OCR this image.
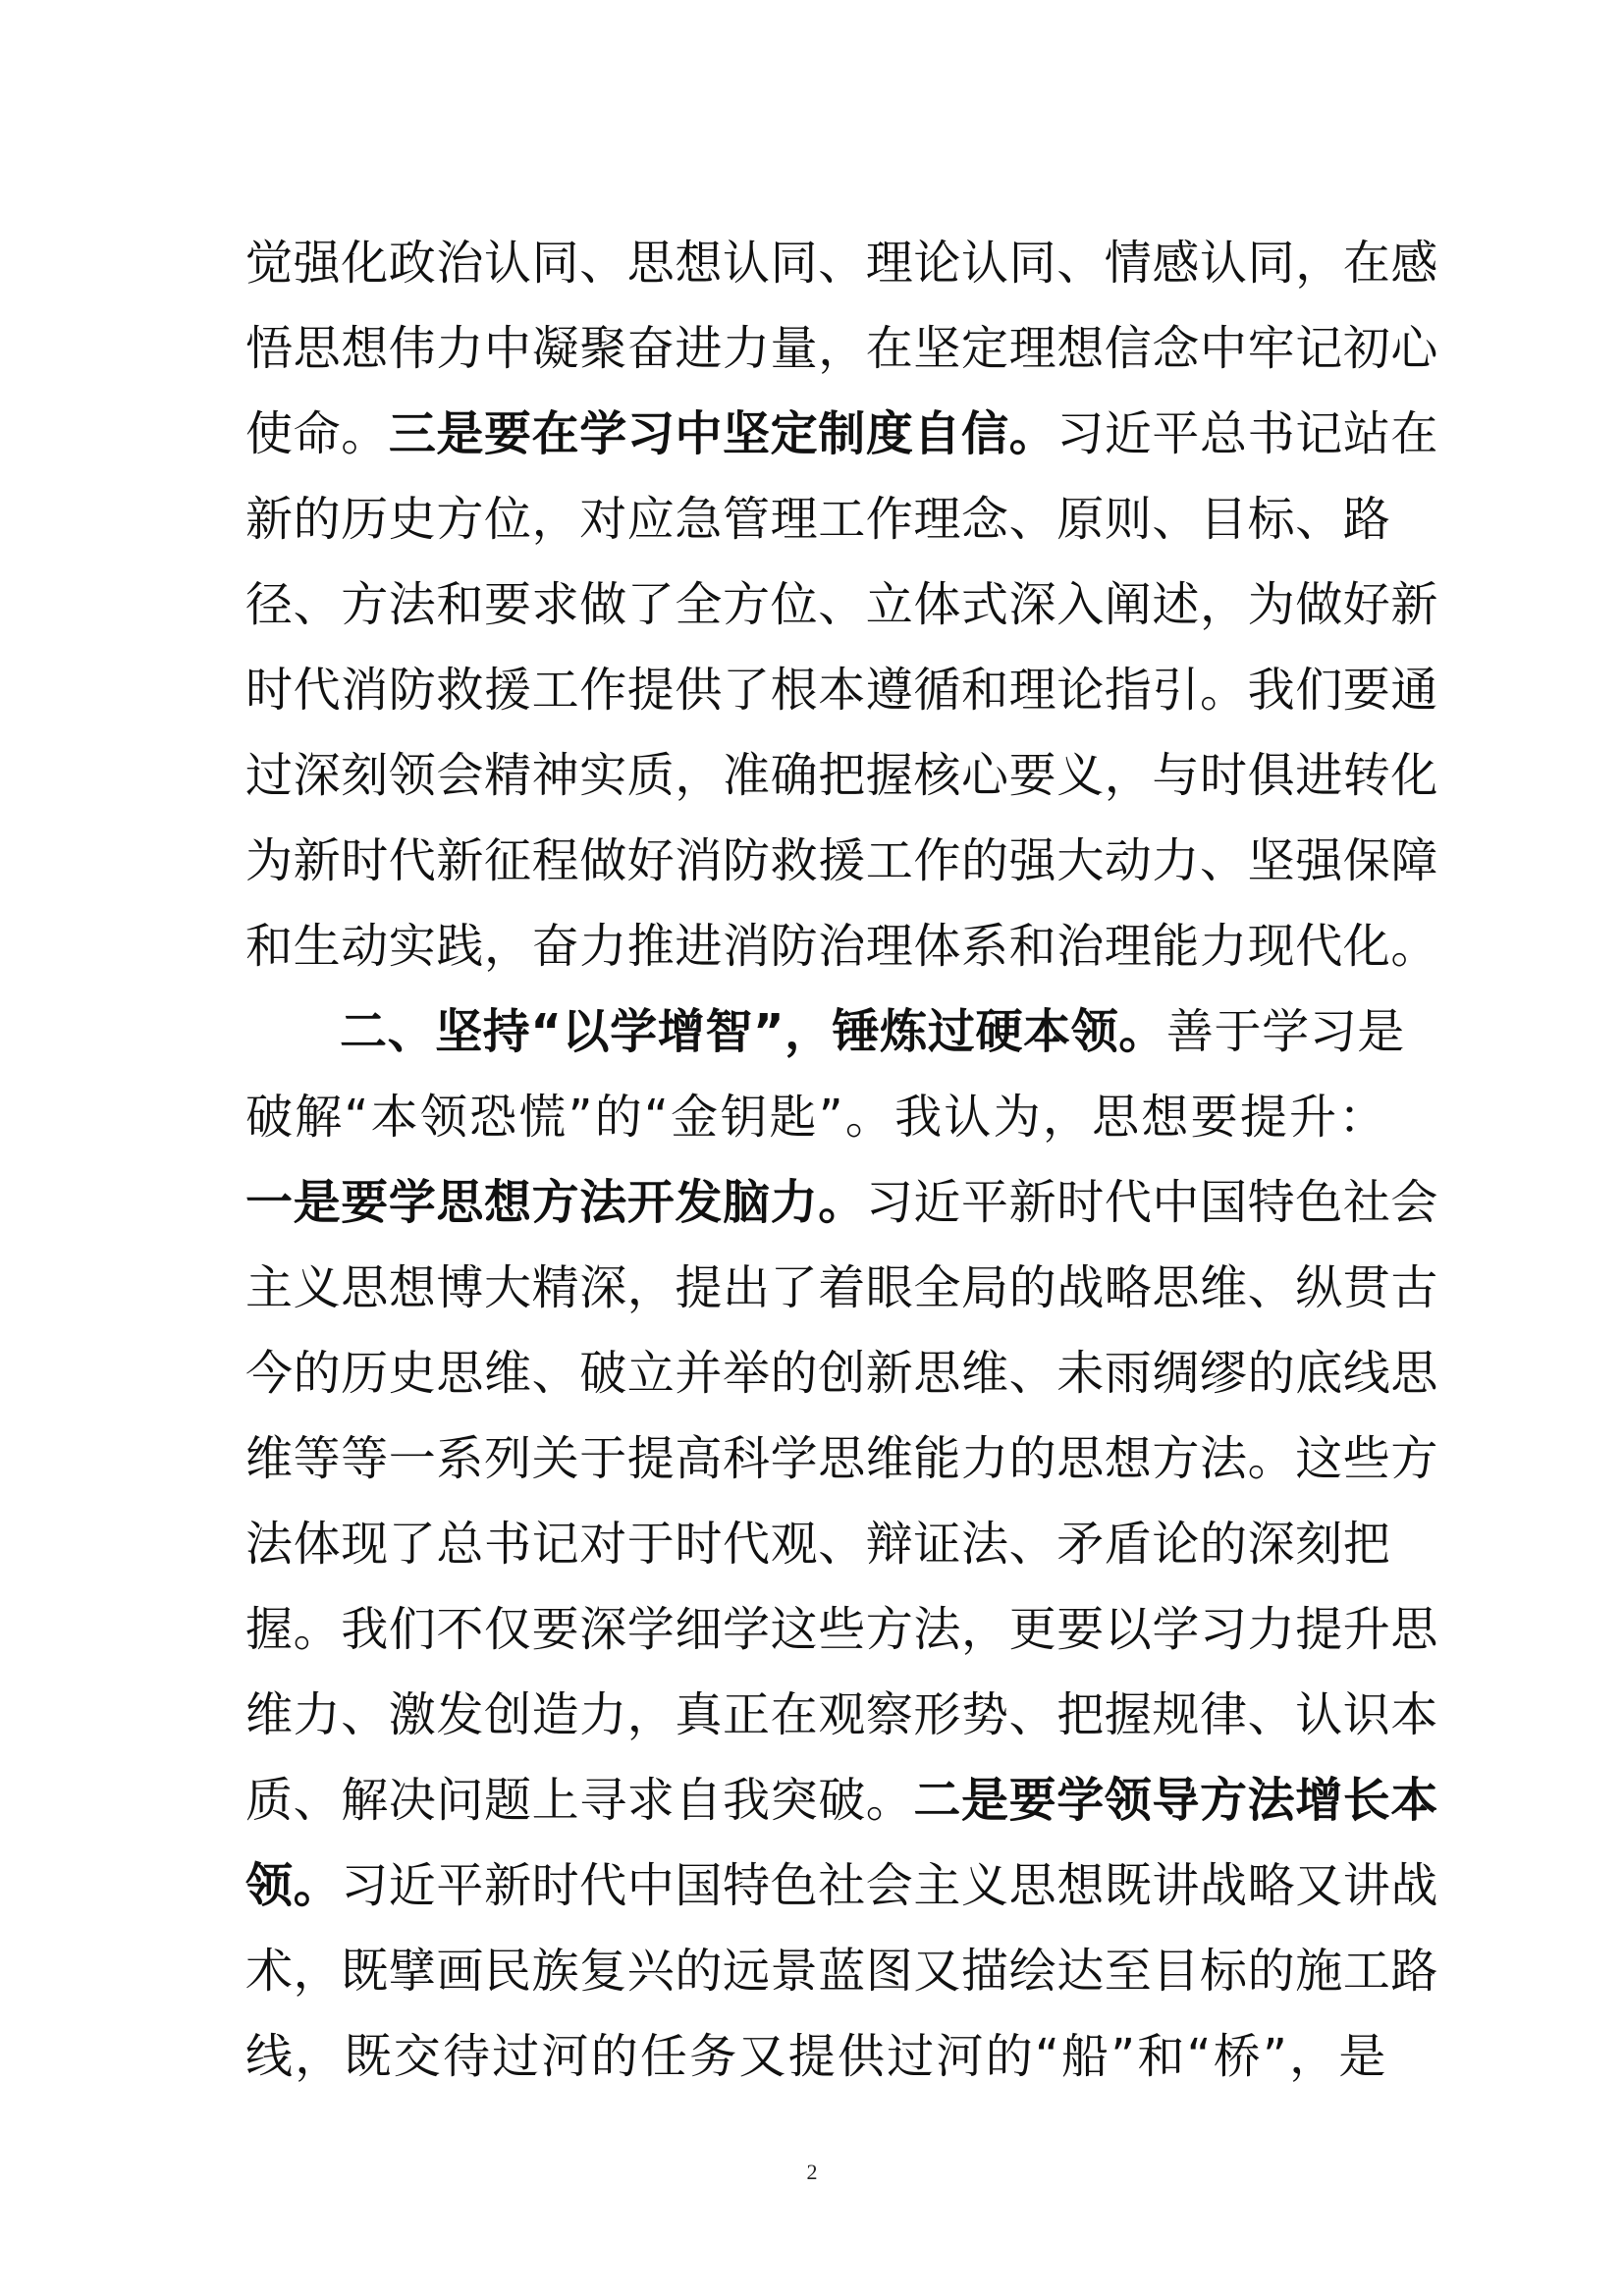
觉强化政治认同、思想认同、理论认同、情感认同，在感
悟思想伟力中凝聚奋进力量，在坚定理想信念中牢记初心
使命。三是要在学习中坚定制度自信。习近平总书记站在
新的历史方位，对应急管理工作理念、原则、目标、路
径、方法和要求做了全方位、立体式深入阐述，为做好新
时代消防救援工作提供了根本遵循和理论指引。我们要通
过深刻领会精神实质，准确把握核心要义，与时俱进转化
为新时代新征程做好消防救援工作的强大动力、坚强保障
和生动实践，奋力推进消防治理体系和治理能力现代化。
二、坚持“以学增智”，锤炼过硬本领。善于学习是
破解“本领恐慌”的“金钥匙”。我认为，思想要提升：
一是要学思想方法开发脑力。习近平新时代中国特色社会
主义思想博大精深，提出了着眼全局的战略思维、纵贯古
今的历史思维、破立并举的创新思维、未雨绸缪的底线思
维等等一系列关于提高科学思维能力的思想方法。这些方
法体现了总书记对于时代观、辩证法、矛盾论的深刻把
握。我们不仅要深学细学这些方法，更要以学习力提升思
维力、激发创造力，真正在观察形势、把握规律、认识本
质、解决问题上寻求自我突破。二是要学领导方法增长本
领。习近平新时代中国特色社会主义思想既讲战略又讲战
术，既擘画民族复兴的远景蓝图又描绘达至目标的施工路
线，既交待过河的任务又提供过河的“船”和“桥”，是
2
